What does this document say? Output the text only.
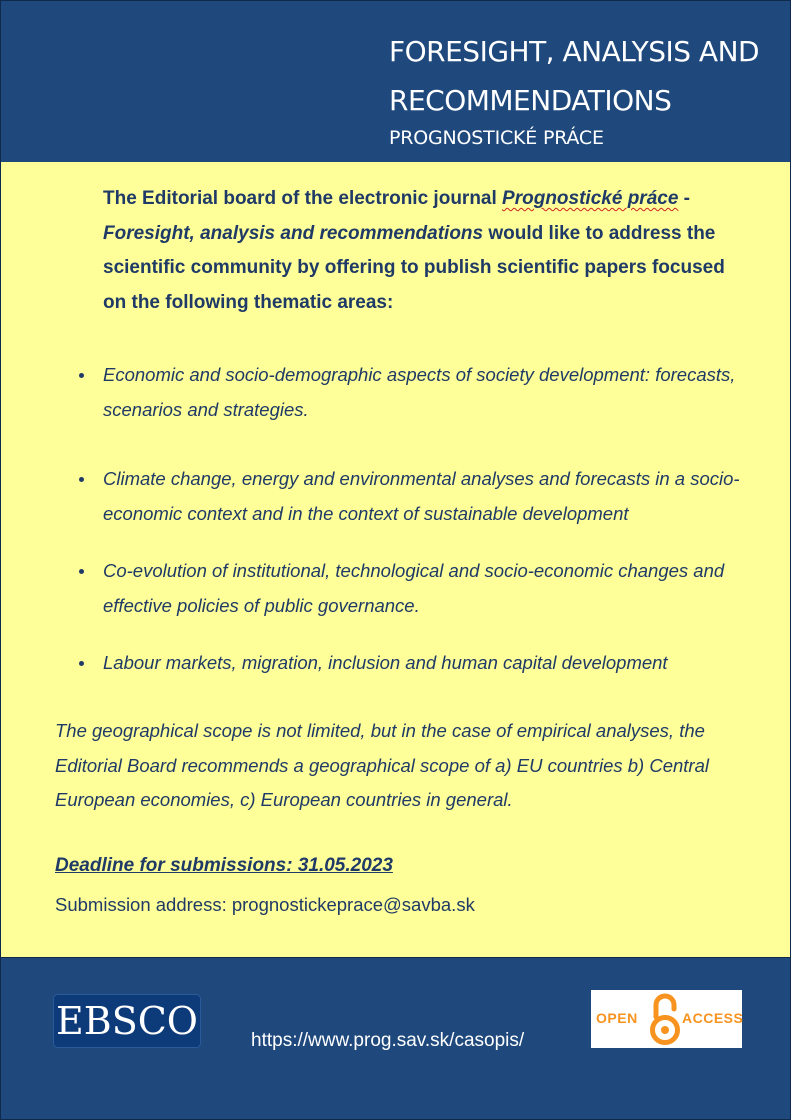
FORESIGHT, ANALYSIS AND
RECOMMENDATIONS
PROGNOSTICKÉ PRÁCE
The Editorial board of the electronic journal Prognostické práce - Foresight, analysis and recommendations would like to address the scientific community by offering to publish scientific papers focused on the following thematic areas:
Economic and socio-demographic aspects of society development: forecasts, scenarios and strategies.
Climate change, energy and environmental analyses and forecasts in a socio-economic context and in the context of sustainable development
Co-evolution of institutional, technological and socio-economic changes and effective policies of public governance.
Labour markets, migration, inclusion and human capital development
The geographical scope is not limited, but in the case of empirical analyses, the Editorial Board recommends a geographical scope of a) EU countries b) Central European economies, c) European countries in general.
Deadline for submissions: 31.05.2023
Submission address: prognostickeprace@savba.sk
EBSCO	https://www.prog.sav.sk/casopis/
OPEN	ACCESS
